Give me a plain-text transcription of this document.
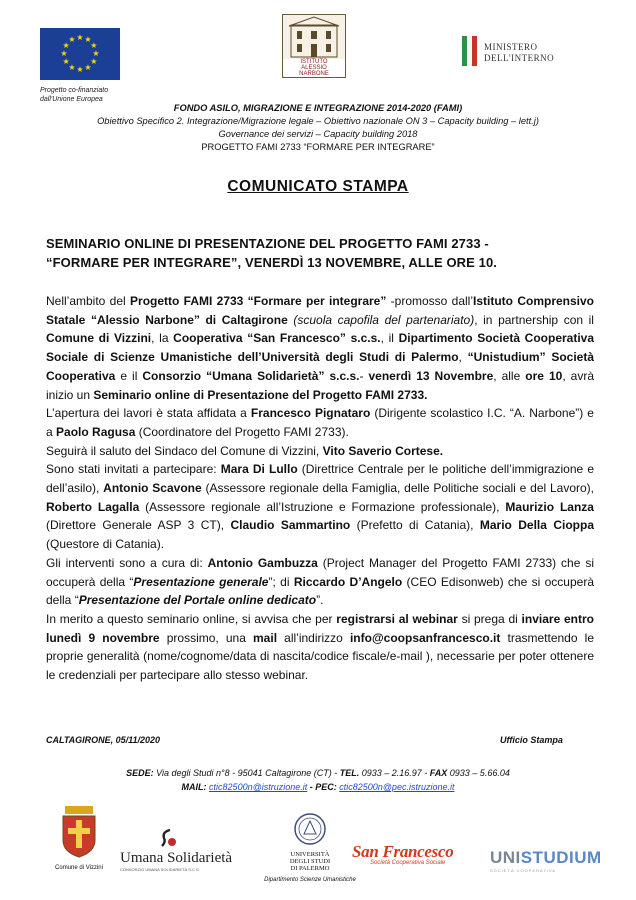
★
★
★
★
★
★
★
★
★ ★ ★
★
Progetto co-finanziato
dall'Unione Europea
ISTITUTO
ALESSIO
NARBONE
MINISTERO
DELL'INTERNO
FONDO ASILO, MIGRAZIONE E INTEGRAZIONE 2014-2020 (FAMI)
Obiettivo Specifico 2. Integrazione/Migrazione legale – Obiettivo nazionale ON 3 – Capacity building – lett.j)
Governance dei servizi – Capacity building 2018
PROGETTO FAMI 2733 “FORMARE PER INTEGRARE”
COMUNICATO STAMPA
SEMINARIO ONLINE DI PRESENTAZIONE DEL PROGETTO FAMI 2733 -
“FORMARE PER INTEGRARE”, VENERDÌ 13 NOVEMBRE, ALLE ORE 10.

Nell’ambito del Progetto FAMI 2733 “Formare per integrare” -promosso dall’Istituto Comprensivo Statale “Alessio Narbone” di Caltagirone (scuola capofila del partenariato), in partnership con il Comune di Vizzini, la Cooperativa “San Francesco” s.c.s., il Dipartimento Società Cooperativa Sociale di Scienze Umanistiche dell’Università degli Studi di Palermo, “Unistudium” Società Cooperativa e il Consorzio “Umana Solidarietà” s.c.s.- venerdì 13 Novembre, alle ore 10, avrà inizio un Seminario online di Presentazione del Progetto FAMI 2733.

L’apertura dei lavori è stata affidata a Francesco Pignataro (Dirigente scolastico I.C. “A. Narbone”) e a Paolo Ragusa (Coordinatore del Progetto FAMI 2733).

Seguirà il saluto del Sindaco del Comune di Vizzini, Vito Saverio Cortese.

Sono stati invitati a partecipare: Mara Di Lullo (Direttrice Centrale per le politiche dell’immigrazione e dell’asilo), Antonio Scavone (Assessore regionale della Famiglia, delle Politiche sociali e del Lavoro), Roberto Lagalla (Assessore regionale all’Istruzione e Formazione professionale), Maurizio Lanza (Direttore Generale ASP 3 CT), Claudio Sammartino (Prefetto di Catania), Mario Della Cioppa (Questore di Catania).

Gli interventi sono a cura di: Antonio Gambuzza (Project Manager del Progetto FAMI 2733) che si occuperà della “Presentazione generale”; di Riccardo D’Angelo (CEO Edisonweb) che si occuperà della “Presentazione del Portale online dedicato”.

In merito a questo seminario online, si avvisa che per registrarsi al webinar si prega di inviare entro lunedì 9 novembre prossimo, una mail all’indirizzo info@coopsanfrancesco.it trasmettendo le proprie generalità (nome/cognome/data di nascita/codice fiscale/e-mail ), necessarie per poter ottenere le credenziali per partecipare allo stesso webinar.

CALTAGIRONE, 05/11/2020	Ufficio Stampa
SEDE: Via degli Studi n°8 - 95041 Caltagirone (CT) - TEL. 0933 – 2.16.97 - FAX 0933 – 5.66.04
MAIL: ctic82500n@istruzione.it - PEC: ctic82500n@pec.istruzione.it
Comune di Vizzini
Umana Solidarietà
CONSORZIO UMANA SOLIDARIETÀ S.C.S.
UNIVERSITÀ
DEGLI STUDI
DI PALERMO
Dipartimento Scienze Umanistiche
San Francesco
Società Cooperativa Sociale	UNISTUDIUM
SOCIETÀ COOPERATIVA
